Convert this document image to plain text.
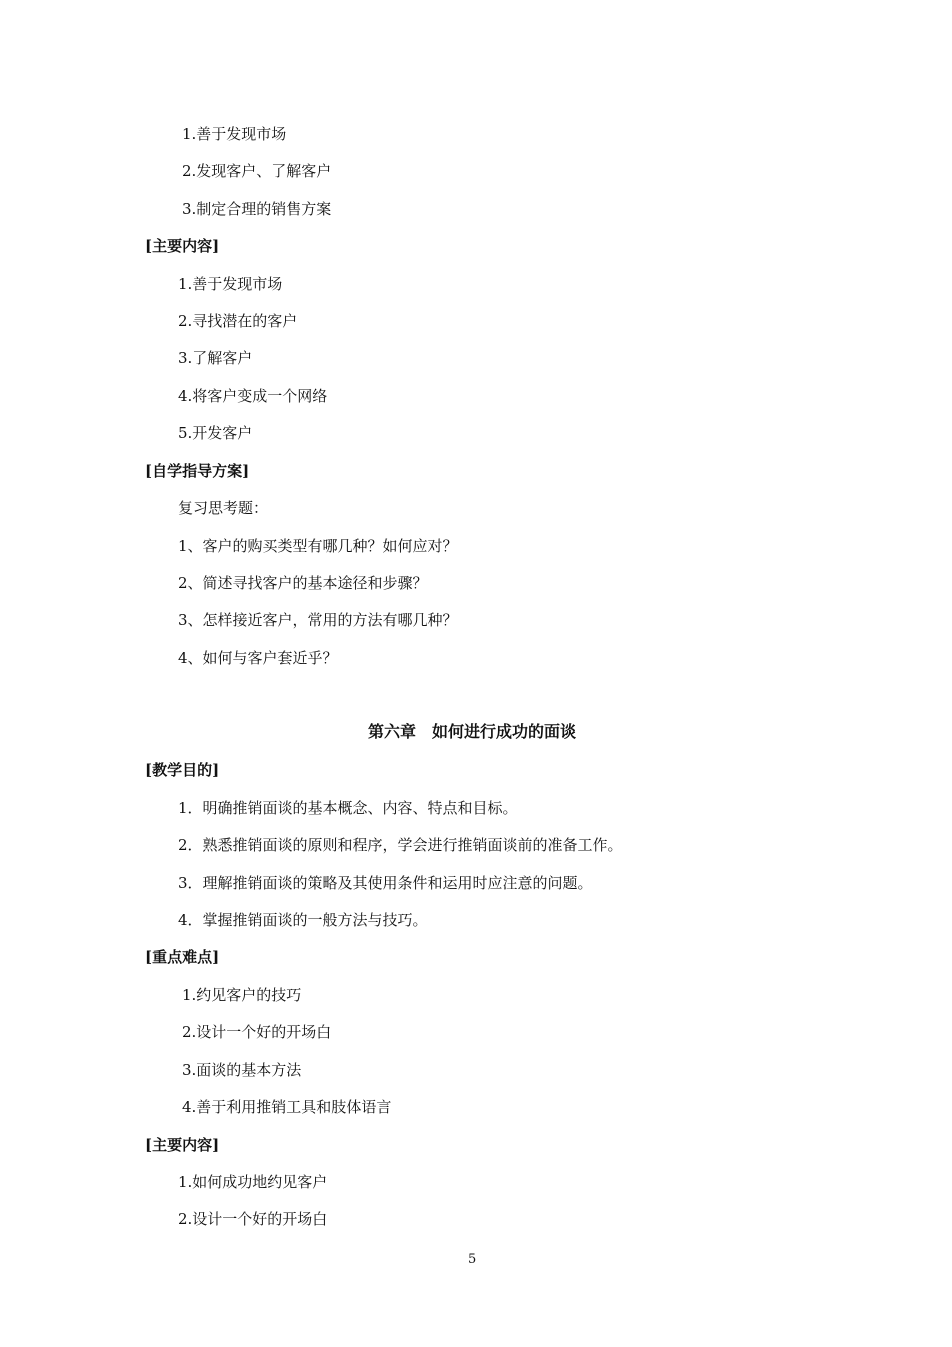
1.善于发现市场
2.发现客户、了解客户
3.制定合理的销售方案
[主要内容]
1.善于发现市场
2.寻找潜在的客户
3.了解客户
4.将客户变成一个网络
5.开发客户
[自学指导方案]
复习思考题：
1、客户的购买类型有哪几种？如何应对？
2、简述寻找客户的基本途径和步骤？
3、怎样接近客户，常用的方法有哪几种？
4、如何与客户套近乎？
第六章　如何进行成功的面谈
[教学目的]
1．明确推销面谈的基本概念、内容、特点和目标。
2．熟悉推销面谈的原则和程序，学会进行推销面谈前的准备工作。
3．理解推销面谈的策略及其使用条件和运用时应注意的问题。
4．掌握推销面谈的一般方法与技巧。
[重点难点]
1.约见客户的技巧
2.设计一个好的开场白
3.面谈的基本方法
4.善于利用推销工具和肢体语言
[主要内容]
1.如何成功地约见客户
2.设计一个好的开场白
5
